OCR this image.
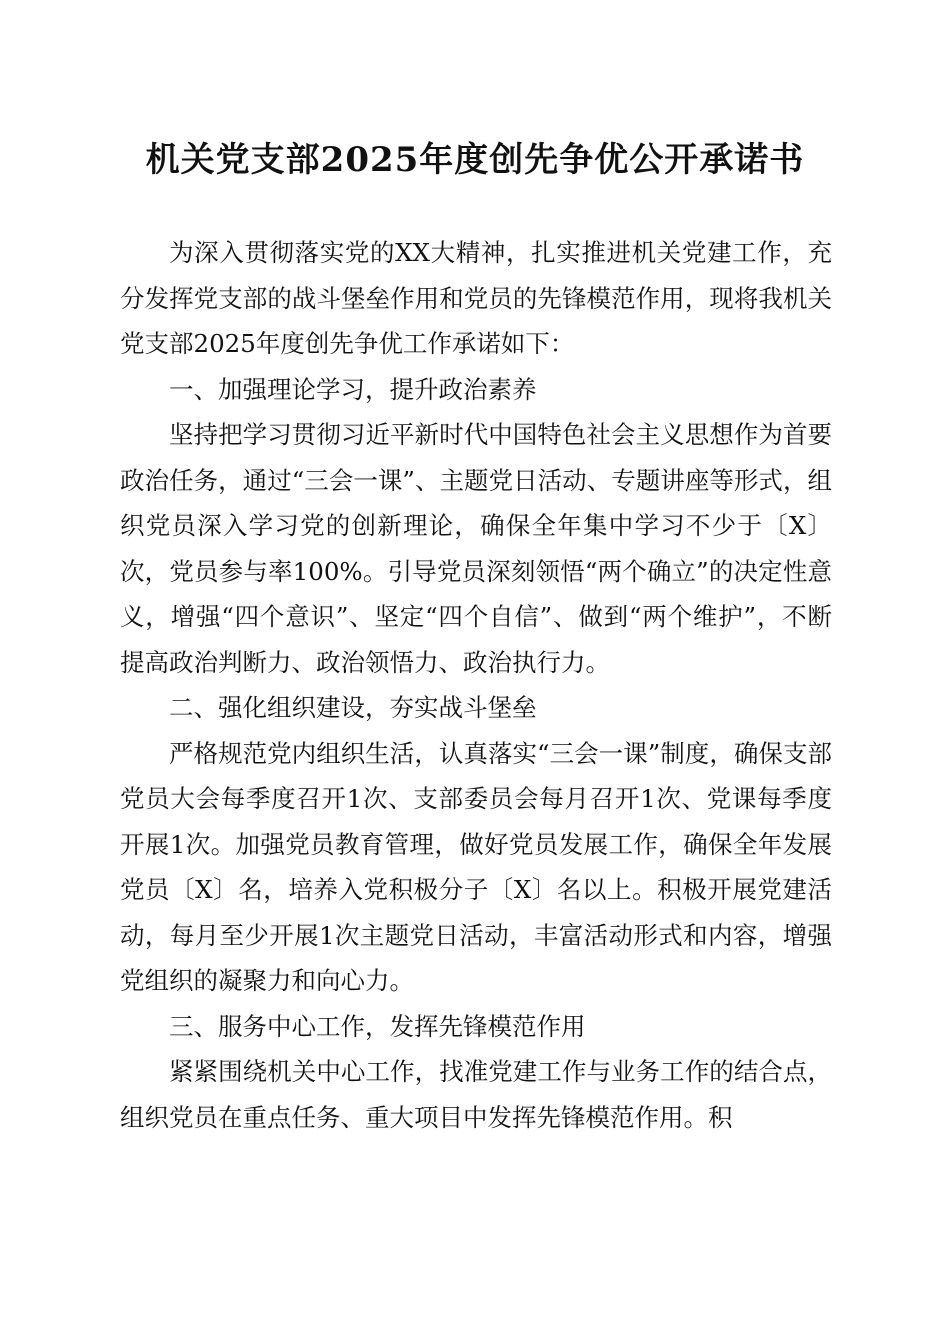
机关党支部2025年度创先争优公开承诺书

为深入贯彻落实党的XX大精神，扎实推进机关党建工作，充分发挥党支部的战斗堡垒作用和党员的先锋模范作用，现将我机关党支部2025年度创先争优工作承诺如下：

一、加强理论学习，提升政治素养

坚持把学习贯彻习近平新时代中国特色社会主义思想作为首要政治任务，通过“三会一课”、主题党日活动、专题讲座等形式，组织党员深入学习党的创新理论，确保全年集中学习不少于〔X〕次，党员参与率100%。引导党员深刻领悟“两个确立”的决定性意义，增强“四个意识”、坚定“四个自信”、做到“两个维护”，不断提高政治判断力、政治领悟力、政治执行力。

二、强化组织建设，夯实战斗堡垒

严格规范党内组织生活，认真落实“三会一课”制度，确保支部党员大会每季度召开1次、支部委员会每月召开1次、党课每季度开展1次。加强党员教育管理，做好党员发展工作，确保全年发展党员〔X〕名，培养入党积极分子〔X〕名以上。积极开展党建活动，每月至少开展1次主题党日活动，丰富活动形式和内容，增强党组织的凝聚力和向心力。

三、服务中心工作，发挥先锋模范作用

紧紧围绕机关中心工作，找准党建工作与业务工作的结合点，组织党员在重点任务、重大项目中发挥先锋模范作用。积
